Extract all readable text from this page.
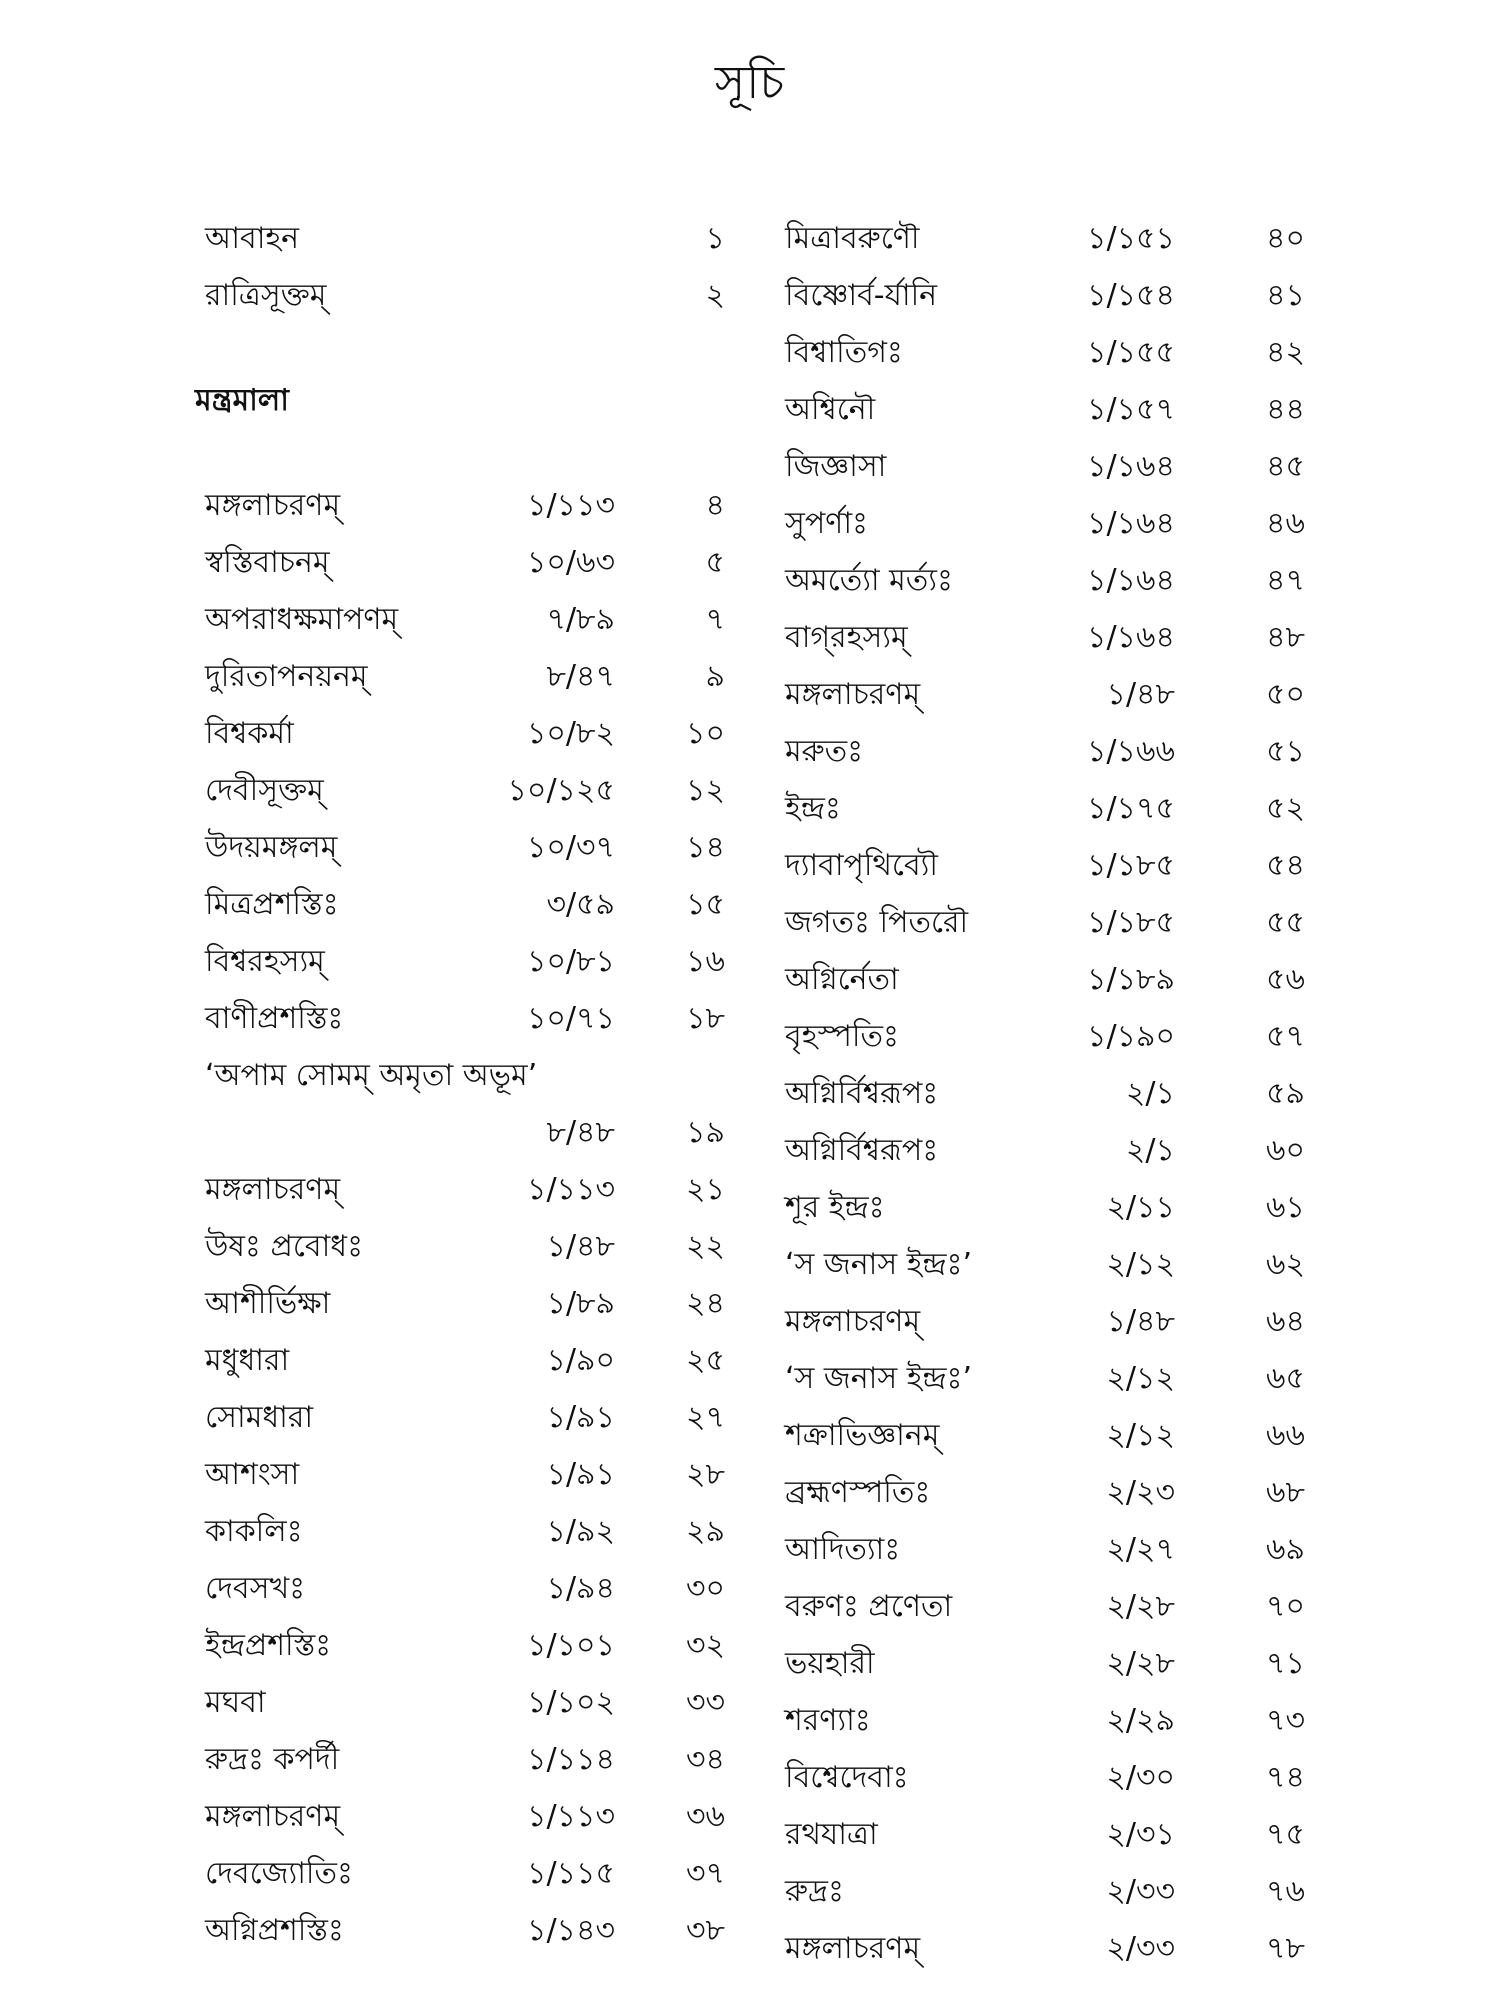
সূচি
আবাহন	১
রাত্রিসূক্তম্	২
মন্ত্রমালা
মঙ্গলাচরণম্	১/১১৩	৪
স্বস্তিবাচনম্	১০/৬৩	৫
অপরাধক্ষমাপণম্	৭/৮৯	৭
দুরিতাপনয়নম্	৮/৪৭	৯
বিশ্বকর্মা	১০/৮২	১০
দেবীসূক্তম্	১০/১২৫	১২
উদয়মঙ্গলম্	১০/৩৭	১৪
মিত্রপ্রশস্তিঃ	৩/৫৯	১৫
বিশ্বরহস্যম্	১০/৮১	১৬
বাণীপ্রশস্তিঃ	১০/৭১	১৮
‘অপাম সোমম্ অমৃতা অভূম’
৮/৪৮	১৯
মঙ্গলাচরণম্	১/১১৩	২১
উষঃ প্রবোধঃ	১/৪৮	২২
আশীর্ভিক্ষা	১/৮৯	২৪
মধুধারা	১/৯০	২৫
সোমধারা	১/৯১	২৭
আশংসা	১/৯১	২৮
কাকলিঃ	১/৯২	২৯
দেবসখঃ	১/৯৪	৩০
ইন্দ্রপ্রশস্তিঃ	১/১০১	৩২
মঘবা	১/১০২	৩৩
রুদ্রঃ কপর্দী	১/১১৪	৩৪
মঙ্গলাচরণম্	১/১১৩	৩৬
দেবজ্যোতিঃ	১/১১৫	৩৭
অগ্নিপ্রশস্তিঃ	১/১৪৩	৩৮
মিত্রাবরুণৌ	১/১৫১	৪০
বিষ্ণোর্ব-র্যানি	১/১৫৪	৪১
বিশ্বাতিগঃ	১/১৫৫	৪২
অশ্বিনৌ	১/১৫৭	৪৪
জিজ্ঞাসা	১/১৬৪	৪৫
সুপর্ণাঃ	১/১৬৪	৪৬
অমর্ত্যো মর্ত্যঃ	১/১৬৪	৪৭
বাগ্‌রহস্যম্	১/১৬৪	৪৮
মঙ্গলাচরণম্	১/৪৮	৫০
মরুতঃ	১/১৬৬	৫১
ইন্দ্রঃ	১/১৭৫	৫২
দ্যাবাপৃথিব্যৌ	১/১৮৫	৫৪
জগতঃ পিতরৌ	১/১৮৫	৫৫
অগ্নির্নেতা	১/১৮৯	৫৬
বৃহস্পতিঃ	১/১৯০	৫৭
অগ্নির্বিশ্বরূপঃ	২/১	৫৯
অগ্নির্বিশ্বরূপঃ	২/১	৬০
শূর ইন্দ্রঃ	২/১১	৬১
‘স জনাস ইন্দ্রঃ’	২/১২	৬২
মঙ্গলাচরণম্	১/৪৮	৬৪
‘স জনাস ইন্দ্রঃ’	২/১২	৬৫
শক্রাভিজ্ঞানম্	২/১২	৬৬
ব্রহ্মণস্পতিঃ	২/২৩	৬৮
আদিত্যাঃ	২/২৭	৬৯
বরুণঃ প্রণেতা	২/২৮	৭০
ভয়হারী	২/২৮	৭১
শরণ্যাঃ	২/২৯	৭৩
বিশ্বেদেবাঃ	২/৩০	৭৪
রথযাত্রা	২/৩১	৭৫
রুদ্রঃ	২/৩৩	৭৬
মঙ্গলাচরণম্	২/৩৩	৭৮
